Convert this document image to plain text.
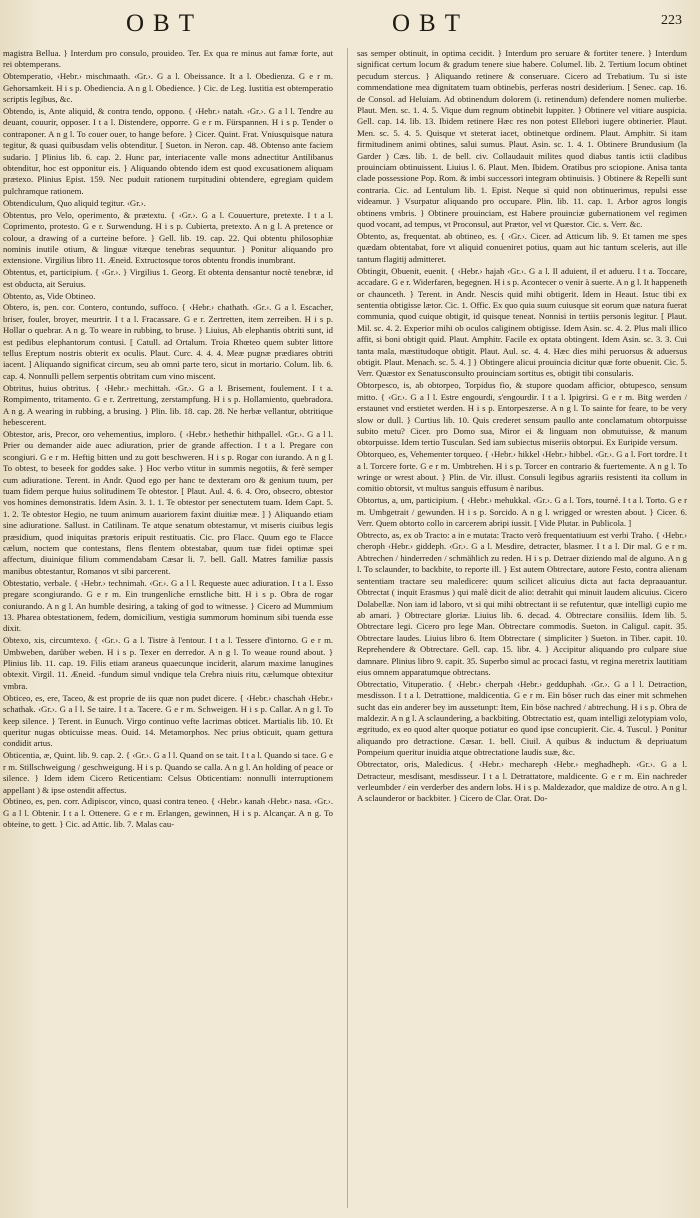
OBT	OBT	223

magistra Bellua. } Interdum pro consulo, prouideo. Ter. Ex qua re minus aut famæ forte, aut rei obtemperans.

Obtemperatio, ‹Hebr.› mischmaath. ‹Gr.›. G a l. Obeissance. It a l. Obedienza. G e r m. Gehorsamkeit. H i s p. Obediencia. A n g l. Obedience. } Cic. de Leg. Iustitia est obtemperatio scriptis legibus, &c.

Obtendo, is, Ante aliquid, & contra tendo, oppono. { ‹Hebr.› natah. ‹Gr.›. G a l l. Tendre au deuant, couurir, opposer. I t a l. Distendere, opporre. G e r m. Fürspannen. H i s p. Tender o contraponer. A n g l. To couer ouer, to hange before. } Cicer. Quint. Frat. Vniusquisque natura tegitur, & quasi quibusdam velis obtenditur. [ Sueton. in Neron. cap. 48. Obtenso ante faciem sudario. ] Plinius lib. 6. cap. 2. Hunc par, interiacente valle mons adnectitur Antilibanus obtenditur, hoc est opponitur eis. } Aliquando obtendo idem est quod excusationem aliquam prætexo. Plinius Epist. 159. Nec puduit rationem turpitudini obtendere, egregiam quidem pulchramque rationem.

Obtendiculum, Quo aliquid tegitur. ‹Gr.›.

Obtentus, pro Velo, operimento, & prætextu. { ‹Gr.›. G a l. Couuerture, pretexte. I t a l. Coprimento, protesto. G e r. Surwendung. H i s p. Cubierta, pretexto. A n g l. A pretence or colour, a drawing of a curteine before. } Gell. lib. 19. cap. 22. Qui obtentu philosophiæ nominis inutile otium, & linguæ vitæque tenebras sequuntur. } Ponitur aliquando pro extensione. Virgilius libro 11. Æneid. Extructosque toros obtentu frondis inumbrant.

Obtentus, et, participium. { ‹Gr.›. } Virgilius 1. Georg. Et obtenta densantur noctè tenebræ, id est obducta, ait Seruius.

Obtento, as, Vide Obtineo.

Obtero, is, pen. cor. Contero, contundo, suffoco. { ‹Hebr.› chathath. ‹Gr.›. G a l. Escacher, briser, fouler, broyer, meurtrir. I t a l. Fracassare. G e r. Zertretten, item zerreiben. H i s p. Hollar o quebrar. A n g. To weare in rubbing, to bruse. } Liuius, Ab elephantis obtriti sunt, id est pedibus elephantorum contusi. [ Catull. ad Ortalum. Troia Rhœteo quem subter littore tellus Ereptum nostris obterit ex oculis. Plaut. Curc. 4. 4. 4. Meæ pugnæ prædiares obtriti iacent. ] Aliquando significat circum, seu ab omni parte tero, sicut in mortario. Colum. lib. 6. cap. 4. Nonnulli pellem serpentis obtritam cum vino miscent.

Obtritus, huius obtritus. { ‹Hebr.› mechittah. ‹Gr.›. G a l. Brisement, foulement. I t a. Rompimento, tritamento. G e r. Zertrettung, zerstampfung. H i s p. Hollamiento, quebradora. A n g. A wearing in rubbing, a brusing. } Plin. lib. 18. cap. 28. Ne herbæ vellantur, obtritique hebescerent.

Obtestor, aris, Precor, oro vehementius, imploro. { ‹Hebr.› hethethir hithpallel. ‹Gr.›. G a l l. Prier ou demander aide auec adiuration, prier de grande affection. I t a l. Pregare con scongiuri. G e r m. Heftig bitten und zu gott beschweren. H i s p. Rogar con iurando. A n g l. To obtest, to beseek for goddes sake. } Hoc verbo vtitur in summis negotiis, & ferè semper cum adiuratione. Terent. in Andr. Quod ego per hanc te dexteram oro & genium tuum, per tuam fidem perque huius solitudinem Te obtestor. [ Plaut. Aul. 4. 6. 4. Oro, obsecro, obtestor vos homines demonstratis. Idem Asin. 3. 1. 1. Te obtestor per senectutem tuam. Idem Capt. 5. 1. 2. Te obtestor Hegio, ne tuum animum auariorem faxint diuitiæ meæ. ] } Aliquando etiam sine adiuratione. Sallust. in Catilinam. Te atque senatum obtestamur, vt miseris ciuibus legis præsidium, quod iniquitas prætoris eripuit restituatis. Cic. pro Flacc. Quum ego te Flacce cælum, noctem que contestans, flens flentem obtestabar, quum tuæ fidei optimæ spei affectum, diuinique filium commendabam Cæsar li. 7. bell. Gall. Matres familiæ passis manibus obtestantur, Romanos vt sibi parcerent.

Obtestatio, verbale. { ‹Hebr.› technimah. ‹Gr.›. G a l l. Requeste auec adiuration. I t a l. Esso pregare scongiurando. G e r m. Ein trungenliche ernstliche bitt. H i s p. Obra de rogar coniurando. A n g l. An humble desiring, a taking of god to witnesse. } Cicero ad Mummium 13. Pharea obtestationem, fedem, domicilium, vestigia summorum hominum sibi tuenda esse dixit.

Obtexo, xis, circumtexo. { ‹Gr.›. G a l. Tistre à l'entour. I t a l. Tessere d'intorno. G e r m. Umbweben, darüber weben. H i s p. Texer en derredor. A n g l. To weaue round about. } Plinius lib. 11. cap. 19. Filis etiam araneus quaecunque inciderit, alarum maxime lanugines obtexit. Virgil. 11. Æneid. -fundum simul vndique tela Crebra niuis ritu, cælumque obtexitur vmbra.

Obticeo, es, ere, Taceo, & est proprie de iis quæ non pudet dicere. { ‹Hebr.› chaschah ‹Hebr.› schathak. ‹Gr.›. G a l l. Se taire. I t a. Tacere. G e r m. Schweigen. H i s p. Callar. A n g l. To keep silence. } Terent. in Eunuch. Virgo continuo vefte lacrimas obticet. Martialis lib. 10. Et queritur nugas obticuisse meas. Ouid. 14. Metamorphos. Nec prius obticuit, quam gettura condidit artus.

Obticentia, æ, Quint. lib. 9. cap. 2. { ‹Gr.›. G a l l. Quand on se tait. I t a l. Quando si tace. G e r m. Stillschweigung / geschweigung. H i s p. Quando se calla. A n g l. An holding of peace or silence. } Idem idem Cicero Reticentiam: Celsus Obticentiam: nonnulli interruptionem appellant ) & ipse ostendit affectus.

Obtineo, es, pen. corr. Adipiscor, vinco, quasi contra teneo. { ‹Hebr.› kanah ‹Hebr.› nasa. ‹Gr.›. G a l l. Obtenir. I t a l. Ottenere. G e r m. Erlangen, gewinnen, H i s p. Alcançar. A n g. To obteine, to gett. } Cic. ad Attic. lib. 7. Malas cau-

sas semper obtinuit, in optima cecidit. } Interdum pro seruare & fortiter tenere. } Interdum significat certum locum & gradum tenere siue habere. Columel. lib. 2. Tertium locum obtinet pecudum stercus. } Aliquando retinere & conseruare. Cicero ad Trebatium. Tu si iste commendatione mea dignitatem tuam obtinebis, perferas nostri desiderium. [ Senec. cap. 16. de Consol. ad Heluiam. Ad obtinendum dolorem (i. retinendum) defendere nomen mulierbe. Plaut. Men. sc. 1. 4. 5. Vique dum regnum obtinebit Iuppiter. } Obtinere vel vitiare auspicia. Gell. cap. 14. lib. 13. Ibidem retinere Hæc res non potest Ellebori iugere obtinerier. Plaut. Men. sc. 5. 4. 5. Quisque vt steterat iacet, obtinetque ordinem. Plaut. Amphitr. Si itam firmitudinem animi obtines, salui sumus. Plaut. Asin. sc. 1. 4. 1. Obtinere Brundusium (la Garder ) Cæs. lib. 1. de bell. civ. Collaudauit milites quod diabus tantis ictii cladibus prouinciam obtinuissent. Liuius l. 6. Plaut. Men. Ibidem. Oratibus pro sciopione. Anisa tanta clade possessione Pop. Rom. & imbi successori integram obtinuisis. } Obtinere & Repelli sunt contraria. Cic. ad Lentulum lib. 1. Epist. Neque si quid non obtinuerimus, repulsi esse videamur. } Vsurpatur aliquando pro occupare. Plin. lib. 11. cap. 1. Arbor agros longis obtinens vmbris. } Obtinere prouinciam, est Habere prouinciæ gubernationem vel regimen quod vocant, ad tempus, vt Proconsul, aut Prætor, vel vt Quæstor. Cic. s. Verr. &c.

Obtento, as, frequentat. ab obtineo, es. { ‹Gr.›. Cicer. ad Atticum lib. 9. Et tamen me spes quædam obtentabat, fore vt aliquid conueniret potius, quam aut hic tantum sceleris, aut ille tantum flagitij admitteret.

Obtingit, Obuenit, euenit. { ‹Hebr.› hajah ‹Gr.›. G a l. Il aduient, il et adueru. I t a. Toccare, accadare. G e r. Widerfaren, begegnen. H i s p. Acontecer o venir à suerte. A n g l. It happeneth or chaunceth. } Terent. in Andr. Nescis quid mihi obtigerit. Idem in Heaut. Istuc tibi ex sententia obtigisse lætor. Cic. 1. Offic. Ex quo quia suum cuiusque sit eorum quæ natura fuerat communia, quod cuique obtigit, id quisque teneat. Nonnisi in tertiis personis legitur. [ Plaut. Mil. sc. 4. 2. Experior mihi ob oculos caliginem obtigisse. Idem Asin. sc. 4. 2. Plus mali illico affit, si boni obtigit quid. Plaut. Amphitr. Facile ex optata obtingent. Idem Asin. sc. 3. 3. Cui tanta mala, mæstitudoque obtigit. Plaut. Aul. sc. 4. 4. Hæc dies mihi peruorsus & aduersus obtigit. Plaut. Menach. sc. 5. 4. ] } Obtingere alicui prouincia dicitur quæ forte obuenit. Cic. 5. Verr. Quæstor ex Senatusconsulto prouinciam sortitus es, obtigit tibi consularis.

Obtorpesco, is, ab obtorpeo, Torpidus fio, & stupore quodam afficior, obtupesco, sensum mitto. { ‹Gr.›. G a l l. Estre engourdi, s'engourdir. I t a l. Ipigrirsi. G e r m. Bitg werden / erstaunet vnd erstietet werden. H i s p. Entorpeszerse. A n g l. To sainte for feare, to be very slow or dull. } Curtius lib. 10. Quis crederet sensum paullo ante conclamatum obtorpuisse subito metu? Cicer. pro Domo sua, Miror ei & linguam non obmutuisse, & manum obtorpuisse. Idem tertio Tusculan. Sed iam subiectus miseriis obtorpui. Ex Euripide versum.

Obtorqueo, es, Vehementer torqueo. { ‹Hebr.› hikkel ‹Hebr.› hibbel. ‹Gr.›. G a l. Fort tordre. I t a l. Torcere forte. G e r m. Umbtrehen. H i s p. Torcer en contrario & fuertemente. A n g l. To wringe or wrest about. } Plin. de Vir. illust. Consuli legibus agrariis resistenti ita collum in comitio obtorsit, vt multus sanguis effusum è naribus.

Obtortus, a, um, participium. { ‹Hebr.› mehukkal. ‹Gr.›. G a l. Tors, tourné. I t a l. Torto. G e r m. Umbgetrait / gewunden. H i s p. Sorcido. A n g l. wrigged or wresten about. } Cicer. 6. Verr. Quem obtorto collo in carcerem abripi iussit. [ Vide Plutar. in Publicola. ]

Obtrecto, as, ex ob Tracto: a in e mutata: Tracto verò frequentatiuum est verbi Traho. { ‹Hebr.› cheroph ‹Hebr.› giddeph. ‹Gr.›. G a l. Mesdire, detracter, blasmer. I t a l. Dir mal. G e r m. Abtrechen / hinderreden / schmählich zu reden. H i s p. Detraer diziendo mal de alguno. A n g l. To sclaunder, to backbite, to reporte ill. } Est autem Obtrectare, autore Festo, contra alienam sententiam tractare seu maledicere: quum scilicet alicuius dicta aut facta depraauantur. Obtrectat ( inquit Erasmus ) qui malè dicit de alio: detrahit qui minuit laudem alicuius. Cicero Dolabellæ. Non iam id laboro, vt si qui mihi obtrectant ii se refutentur, quæ intelligi cupio me ab amari. } Obtrectare gloriæ. Liuius lib. 6. decad. 4. Obtrectare consiliis. Idem lib. 5. Obtrectare legi. Cicero pro lege Man. Obtrectare commodis. Sueton. in Caligul. capit. 35. Obtrectare laudes. Liuius libro 6. Item Obtrectare ( simpliciter ) Sueton. in Tiber. capit. 10. Reprehendere & Obtrectare. Gell. cap. 15. libr. 4. } Accipitur aliquando pro culpare siue damnare. Plinius libro 9. capit. 35. Superbo simul ac procaci fastu, vt regina meretrix lautitiam eius omnem apparatumque obtrectans.

Obtrectatio, Vituperatio. { ‹Hebr.› cherpah ‹Hebr.› gedduphah. ‹Gr.›. G a l l. Detraction, mesdisson. I t a l. Detrattione, maldicentia. G e r m. Ein böser ruch das einer mit schmehen sucht das ein anderer bey im aussetunpt: Item, Ein böse nachred / abtrechung. H i s p. Obra de maldezir. A n g l. A sclaundering, a backbiting. Obtrectatio est, quam intelligi zelotypiam volo, ægritudo, ex eo quod alter quoque potiatur eo quod ipse concupierit. Cic. 4. Tuscul. } Ponitur aliquando pro detractione. Cæsar. 1. bell. Ciuil. A quibus & inductum & depriuatum Pompeium queritur inuidia atque obtrectatione laudis suæ, &c.

Obtrectator, oris, Maledicus. { ‹Hebr.› mechareph ‹Hebr.› meghadheph. ‹Gr.›. G a l. Detracteur, mesdisant, mesdisseur. I t a l. Detrattatore, maldicente. G e r m. Ein nachreder verleumbder / ein verderber des andern lobs. H i s p. Maldezador, que maldize de otro. A n g l. A sclaunderor or backbiter. } Cicero de Clar. Orat. Do-
